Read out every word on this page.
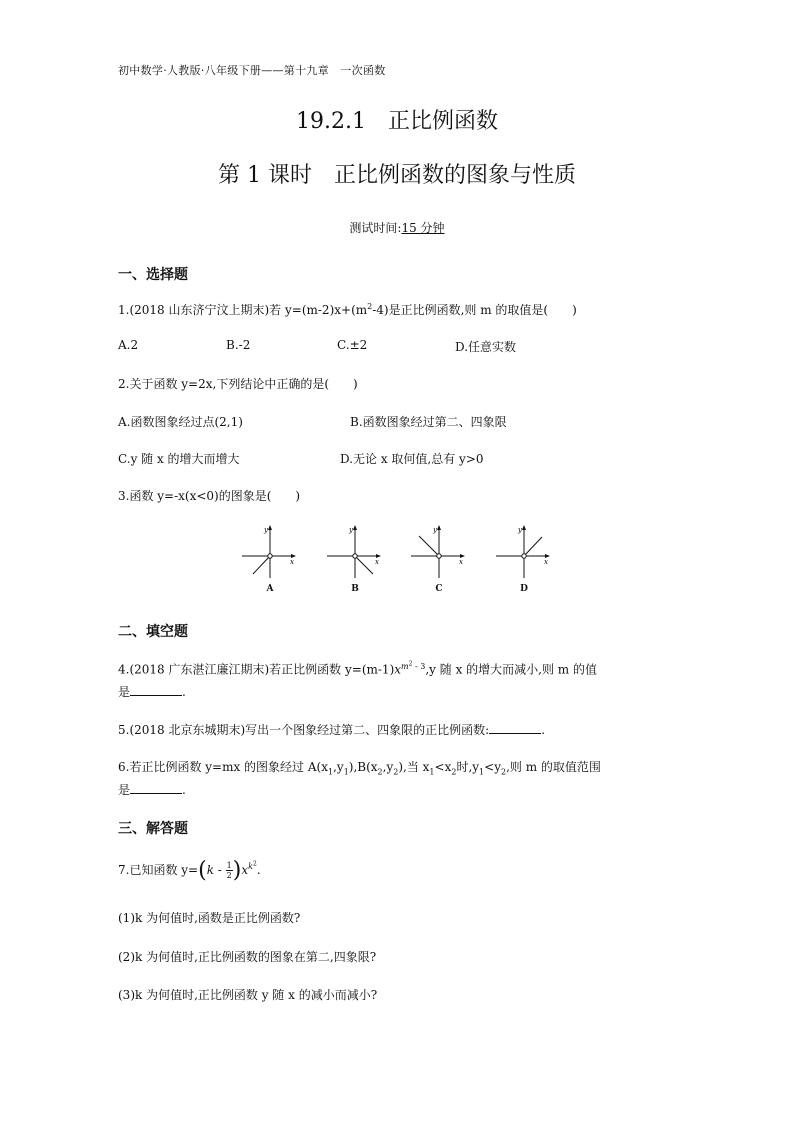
初中数学·人教版·八年级下册——第十九章　一次函数
19.2.1　正比例函数
第 1 课时　正比例函数的图象与性质
测试时间:15 分钟
一、选择题
1.(2018 山东济宁汶上期末)若 $y=(m-2)x+(m^2-4)$是正比例函数,则 m 的取值是(　　)
A.2	B.-2	C.±2	D.任意实数
2.关于函数 y=2x,下列结论中正确的是(　　)
A.函数图象经过点(2,1)	B.函数图象经过第二、四象限
C.y 随 x 的增大而增大	D.无论 x 取何值,总有 y>0
3.函数 y=-x(x<0)的图象是(　　)
y
x
A
y
x
B
y
x
C
y
x
D
二、填空题
4.(2018 广东湛江廉江期末)若正比例函数 $y=(m-1)x^{m^2 - 3},y$ 随 x 的增大而减小,则 m 的值
是	.
5.(2018 北京东城期末)写出一个图象经过第二、四象限的正比例函数:	.
6.若正比例函数 y=mx 的图象经过 $A(x_1,y_1),B(x_2,y_2)$,当 $x_1<x_2$时$,y_1<y_2$,则 m 的取值范围
是	.
三、解答题
7.已知函数 $y=(k - \frac{1}{2})x^{k^2}$.
(1)k 为何值时,函数是正比例函数?
(2)k 为何值时,正比例函数的图象在第二,四象限?
(3)k 为何值时,正比例函数 y 随 x 的减小而减小?
